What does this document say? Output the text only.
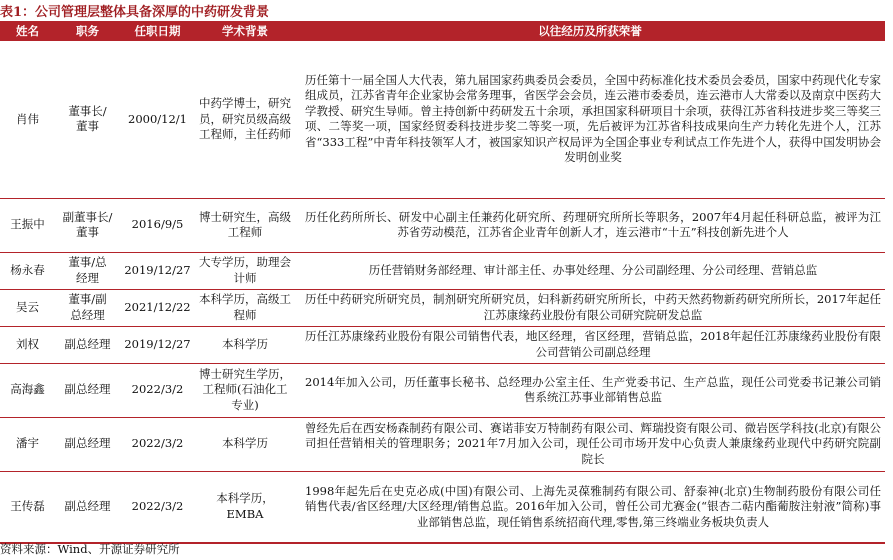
表1：公司管理层整体具备深厚的中药研发背景
姓名	职务	任职日期	学术背景	以往经历及所获荣誉
肖伟	董事长/董事	2000/12/1	中药学博士，研究员，研究员级高级工程师，主任药师	历任第十一届全国人大代表，第九届国家药典委员会委员，全国中药标准化技术委员会委员，国家中药现代化专家组成员，江苏省青年企业家协会常务理事，省医学会会员，连云港市委委员，连云港市人大常委以及南京中医药大学教授、研究生导师。曾主持创新中药研发五十余项，承担国家科研项目十余项，获得江苏省科技进步奖三等奖三项、二等奖一项，国家经贸委科技进步奖二等奖一项，先后被评为江苏省科技成果向生产力转化先进个人，江苏省“333工程”中青年科技领军人才，被国家知识产权局评为全国企事业专利试点工作先进个人，获得中国发明协会发明创业奖
王振中	副董事长/董事	2016/9/5	博士研究生，高级工程师	历任化药所所长、研发中心副主任兼药化研究所、药理研究所所长等职务，2007年4月起任科研总监，被评为江苏省劳动模范，江苏省企业青年创新人才，连云港市“十五”科技创新先进个人
杨永春	董事/总经理	2019/12/27	大专学历，助理会计师	历任营销财务部经理、审计部主任、办事处经理、分公司副经理、分公司经理、营销总监
吴云	董事/副总经理	2021/12/22	本科学历，高级工程师	历任中药研究所研究员，制剂研究所研究员，妇科新药研究所所长，中药天然药物新药研究所所长，2017年起任江苏康缘药业股份有限公司研究院研发总监
刘权	副总经理	2019/12/27	本科学历	历任江苏康缘药业股份有限公司销售代表，地区经理，省区经理，营销总监，2018年起任江苏康缘药业股份有限公司营销公司副总经理
高海鑫	副总经理	2022/3/2	博士研究生学历，工程师(石油化工专业)	2014年加入公司，历任董事长秘书、总经理办公室主任、生产党委书记、生产总监，现任公司党委书记兼公司销售系统江苏事业部销售总监
潘宇	副总经理	2022/3/2	本科学历	曾经先后在西安杨森制药有限公司、赛诺菲安万特制药有限公司、辉瑞投资有限公司、微岩医学科技(北京)有限公司担任营销相关的管理职务；2021年7月加入公司，现任公司市场开发中心负责人兼康缘药业现代中药研究院副院长
王传磊	副总经理	2022/3/2	本科学历，EMBA	1998年起先后在史克必成(中国)有限公司、上海先灵葆雅制药有限公司、舒泰神(北京)生物制药股份有限公司任销售代表/省区经理/大区经理/销售总监。2016年加入公司，曾任公司尤赛金(“银杏二萜内酯葡胺注射液”简称)事业部销售总监，现任销售系统招商代理,零售,第三终端业务板块负责人
资料来源：Wind、开源证券研究所
